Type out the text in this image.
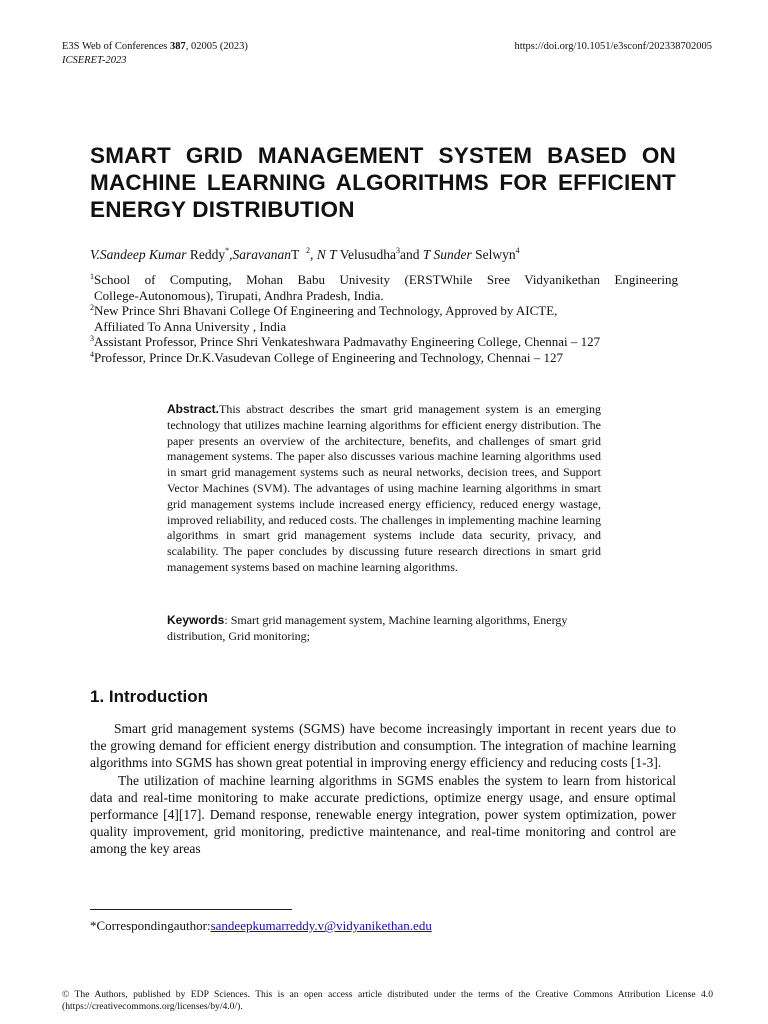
E3S Web of Conferences 387, 02005 (2023)
ICSERET-2023
https://doi.org/10.1051/e3sconf/202338702005
SMART GRID MANAGEMENT SYSTEM BASED ON MACHINE LEARNING ALGORITHMS FOR EFFICIENT ENERGY DISTRIBUTION
V.Sandeep Kumar Reddy*,SaravananT $^2$, N T Velusudha$^3$and T Sunder Selwyn$^4$
$^1$School of Computing, Mohan Babu Univesity (ERSTWhile Sree Vidyanikethan Engineering
College-Autonomous), Tirupati, Andhra Pradesh, India.
$^2$New Prince Shri Bhavani College Of Engineering and Technology, Approved by AICTE,
Affiliated To Anna University , India
$^3$Assistant Professor, Prince Shri Venkateshwara Padmavathy Engineering College, Chennai – 127
$^4$Professor, Prince Dr.K.Vasudevan College of Engineering and Technology, Chennai – 127
Abstract.This abstract describes the smart grid management system is an emerging technology that utilizes machine learning algorithms for efficient energy distribution. The paper presents an overview of the architecture, benefits, and challenges of smart grid management systems. The paper also discusses various machine learning algorithms used in smart grid management systems such as neural networks, decision trees, and Support Vector Machines (SVM). The advantages of using machine learning algorithms in smart grid management systems include increased energy efficiency, reduced energy wastage, improved reliability, and reduced costs. The challenges in implementing machine learning algorithms in smart grid management systems include data security, privacy, and scalability. The paper concludes by discussing future research directions in smart grid management systems based on machine learning algorithms.
Keywords: Smart grid management system, Machine learning algorithms, Energy distribution, Grid monitoring;
1. Introduction

Smart grid management systems (SGMS) have become increasingly important in recent years due to the growing demand for efficient energy distribution and consumption. The integration of machine learning algorithms into SGMS has shown great potential in improving energy efficiency and reducing costs [1-3].

The utilization of machine learning algorithms in SGMS enables the system to learn from historical data and real-time monitoring to make accurate predictions, optimize energy usage, and ensure optimal performance [4][17]. Demand response, renewable energy integration, power system optimization, power quality improvement, grid monitoring, predictive maintenance, and real-time monitoring and control are among the key areas

*Correspondingauthor:sandeepkumarreddy.v@vidyanikethan.edu
© The Authors, published by EDP Sciences. This is an open access article distributed under the terms of the Creative Commons Attribution License 4.0 (https://creativecommons.org/licenses/by/4.0/).
